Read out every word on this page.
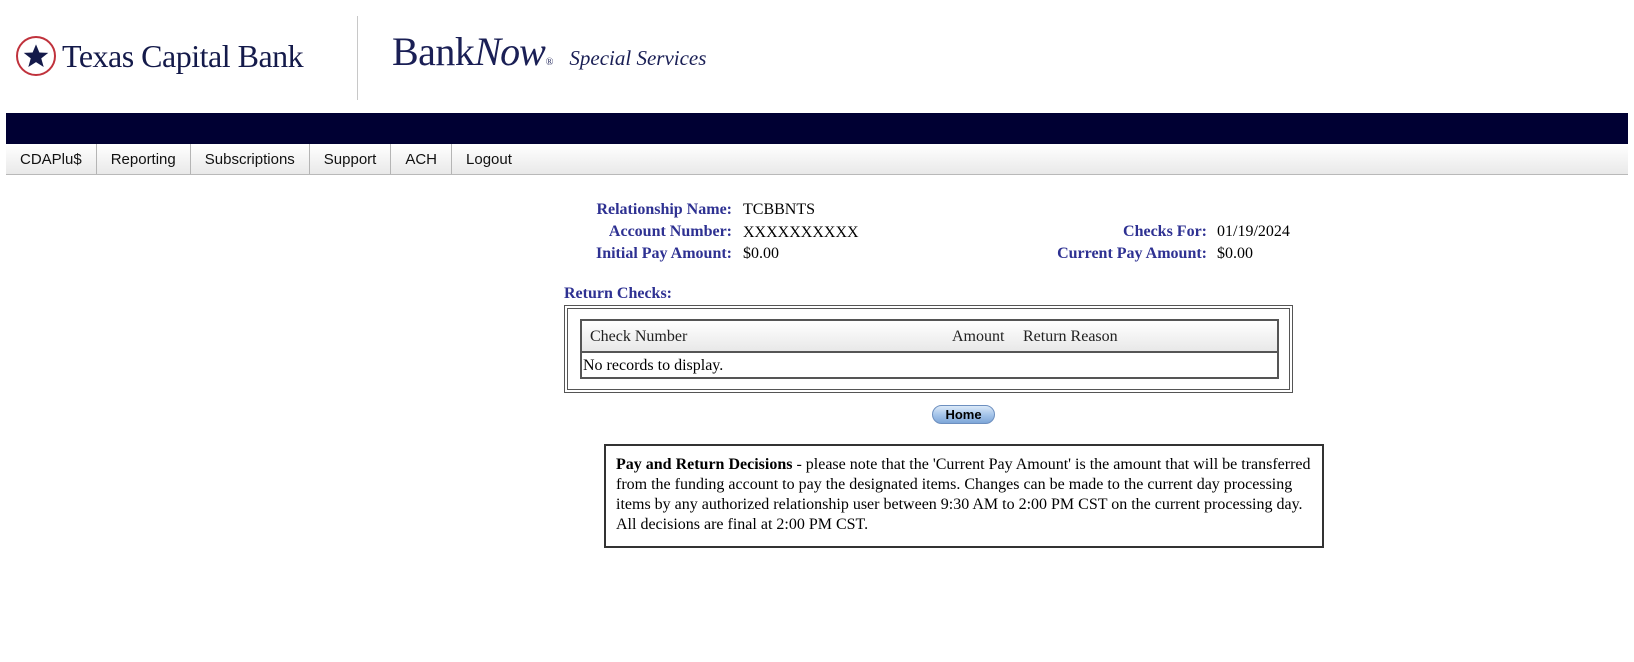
Texas Capital Bank Bank Now ® Special Services
CDAPlu$	Reporting	Subscriptions	Support	ACH	Logout
Relationship Name: TCBBNTS
Account Number: XXXXXXXXXX
Initial Pay Amount: $0.00
Checks For: 01/19/2024
Current Pay Amount: $0.00
Return Checks:
Check Number	Amount Return Reason
No records to display.
Home
Pay and Return Decisions - please note that the 'Current Pay Amount' is the amount that will be transferred from the funding account to pay the designated items. Changes can be made to the current day processing items by any authorized relationship user between 9:30 AM to 2:00 PM CST on the current processing day. All decisions are final at 2:00 PM CST.
